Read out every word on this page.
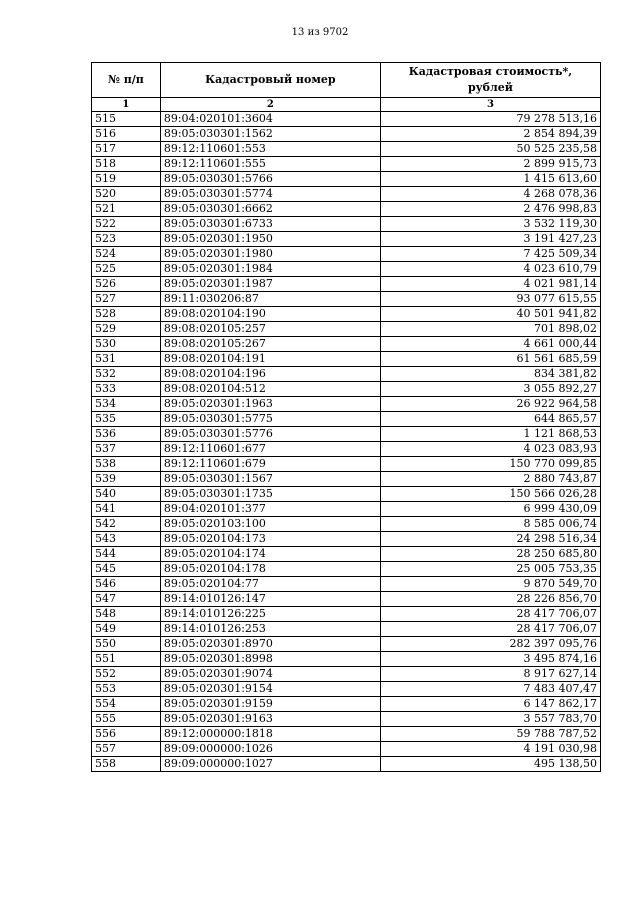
13 из 9702
№ п/п	Кадастровый номер	Кадастровая стоимость*,
рублей
1	2	3
515	89:04:020101:3604	79 278 513,16
516	89:05:030301:1562	2 854 894,39
517	89:12:110601:553	50 525 235,58
518	89:12:110601:555	2 899 915,73
519	89:05:030301:5766	1 415 613,60
520	89:05:030301:5774	4 268 078,36
521	89:05:030301:6662	2 476 998,83
522	89:05:030301:6733	3 532 119,30
523	89:05:020301:1950	3 191 427,23
524	89:05:020301:1980	7 425 509,34
525	89:05:020301:1984	4 023 610,79
526	89:05:020301:1987	4 021 981,14
527	89:11:030206:87	93 077 615,55
528	89:08:020104:190	40 501 941,82
529	89:08:020105:257	701 898,02
530	89:08:020105:267	4 661 000,44
531	89:08:020104:191	61 561 685,59
532	89:08:020104:196	834 381,82
533	89:08:020104:512	3 055 892,27
534	89:05:020301:1963	26 922 964,58
535	89:05:030301:5775	644 865,57
536	89:05:030301:5776	1 121 868,53
537	89:12:110601:677	4 023 083,93
538	89:12:110601:679	150 770 099,85
539	89:05:030301:1567	2 880 743,87
540	89:05:030301:1735	150 566 026,28
541	89:04:020101:377	6 999 430,09
542	89:05:020103:100	8 585 006,74
543	89:05:020104:173	24 298 516,34
544	89:05:020104:174	28 250 685,80
545	89:05:020104:178	25 005 753,35
546	89:05:020104:77	9 870 549,70
547	89:14:010126:147	28 226 856,70
548	89:14:010126:225	28 417 706,07
549	89:14:010126:253	28 417 706,07
550	89:05:020301:8970	282 397 095,76
551	89:05:020301:8998	3 495 874,16
552	89:05:020301:9074	8 917 627,14
553	89:05:020301:9154	7 483 407,47
554	89:05:020301:9159	6 147 862,17
555	89:05:020301:9163	3 557 783,70
556	89:12:000000:1818	59 788 787,52
557	89:09:000000:1026	4 191 030,98
558	89:09:000000:1027	495 138,50
